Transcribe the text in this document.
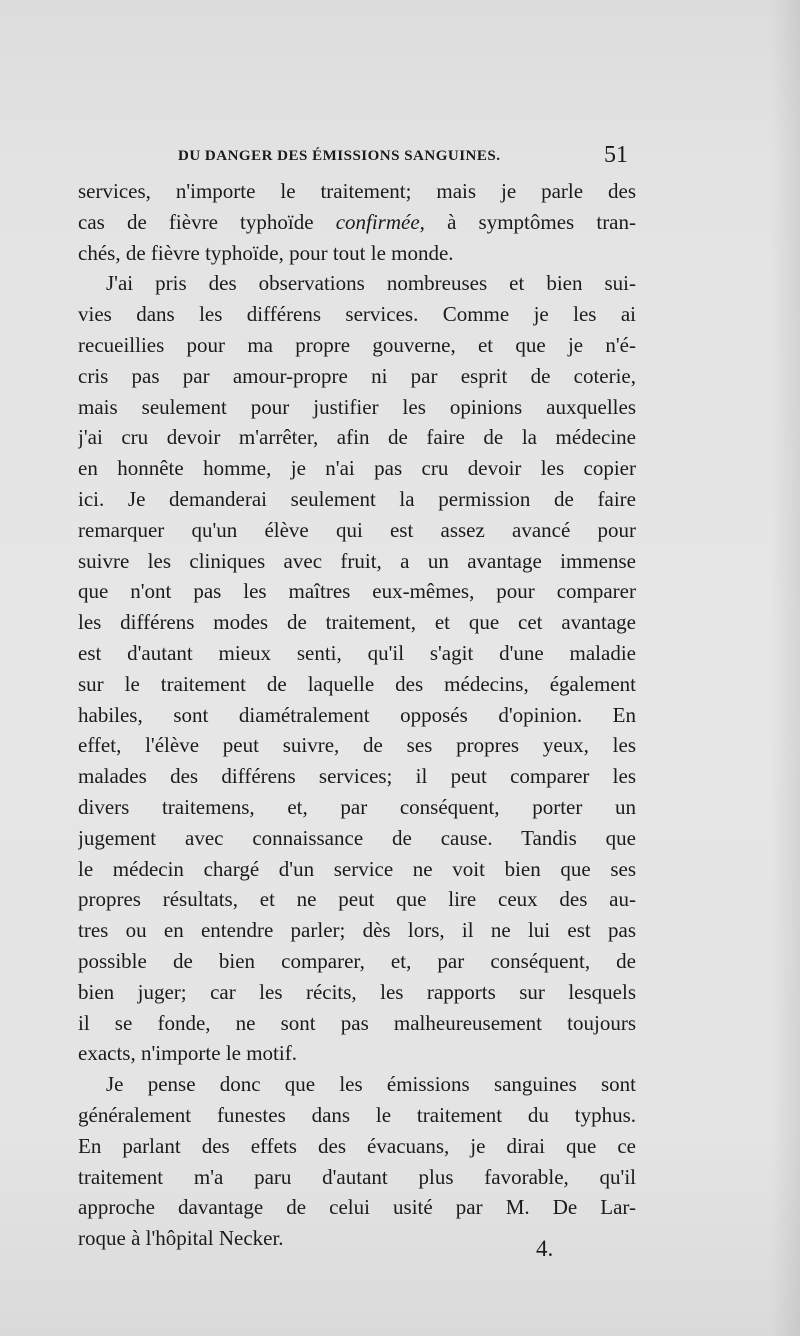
DU DANGER DES ÉMISSIONS SANGUINES.	51
services, n'importe le traitement; mais je parle des
cas de fièvre typhoïde confirmée, à symptômes tran-
chés, de fièvre typhoïde, pour tout le monde.
J'ai pris des observations nombreuses et bien sui-
vies dans les différens services. Comme je les ai
recueillies pour ma propre gouverne, et que je n'é-
cris pas par amour-propre ni par esprit de coterie,
mais seulement pour justifier les opinions auxquelles
j'ai cru devoir m'arrêter, afin de faire de la médecine
en honnête homme, je n'ai pas cru devoir les copier
ici. Je demanderai seulement la permission de faire
remarquer qu'un élève qui est assez avancé pour
suivre les cliniques avec fruit, a un avantage immense
que n'ont pas les maîtres eux-mêmes, pour comparer
les différens modes de traitement, et que cet avantage
est d'autant mieux senti, qu'il s'agit d'une maladie
sur le traitement de laquelle des médecins, également
habiles, sont diamétralement opposés d'opinion. En
effet, l'élève peut suivre, de ses propres yeux, les
malades des différens services; il peut comparer les
divers traitemens, et, par conséquent, porter un
jugement avec connaissance de cause. Tandis que
le médecin chargé d'un service ne voit bien que ses
propres résultats, et ne peut que lire ceux des au-
tres ou en entendre parler; dès lors, il ne lui est pas
possible de bien comparer, et, par conséquent, de
bien juger; car les récits, les rapports sur lesquels
il se fonde, ne sont pas malheureusement toujours
exacts, n'importe le motif.
Je pense donc que les émissions sanguines sont
généralement funestes dans le traitement du typhus.
En parlant des effets des évacuans, je dirai que ce
traitement m'a paru d'autant plus favorable, qu'il
approche davantage de celui usité par M. De Lar-
roque à l'hôpital Necker.	4.
